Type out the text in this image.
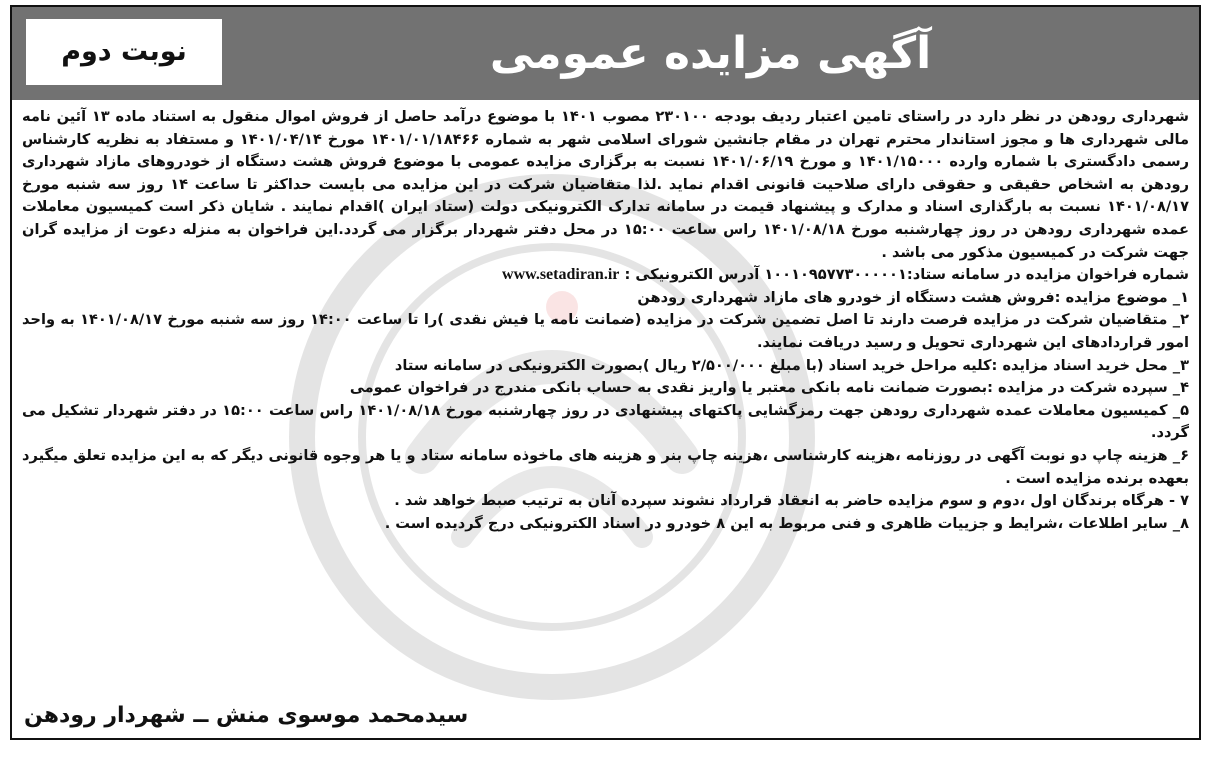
آگهی مزایده عمومی
نوبت دوم

شهرداری رودهن در نظر دارد در راستای تامین اعتبار ردیف بودجه ۲۳۰۱۰۰ مصوب ۱۴۰۱ با موضوع درآمد حاصل از فروش اموال منقول به استناد ماده ۱۳ آئین نامه مالی شهرداری ها و مجوز استاندار محترم تهران در مقام جانشین شورای اسلامی شهر به شماره ۱۴۰۱/۰۱/۱۸۴۶۶ مورخ ۱۴۰۱/۰۴/۱۴ و مستفاد به نظریه کارشناس رسمی دادگستری با شماره وارده ۱۴۰۱/۱۵۰۰۰ و مورخ ۱۴۰۱/۰۶/۱۹ نسبت به برگزاری مزایده عمومی با موضوع فروش هشت دستگاه از خودروهای مازاد شهرداری رودهن به اشخاص حقیقی و حقوقی دارای صلاحیت قانونی اقدام نماید .لذا متقاضیان شرکت در این مزایده می بایست حداکثر تا ساعت ۱۴ روز سه شنبه مورخ ۱۴۰۱/۰۸/۱۷ نسبت به بارگذاری اسناد و مدارک و پیشنهاد قیمت در سامانه تدارک الکترونیکی دولت (ستاد ایران )اقدام نمایند . شایان ذکر است کمیسیون معاملات عمده شهرداری رودهن در روز چهارشنبه مورخ ۱۴۰۱/۰۸/۱۸ راس ساعت ۱۵:۰۰ در محل دفتر شهردار برگزار می گردد.این فراخوان به منزله دعوت از مزایده گران جهت شرکت در کمیسیون مذکور می باشد .

شماره فراخوان مزایده در سامانه ستاد:۱۰۰۱۰۹۵۷۷۳۰۰۰۰۰۱ آدرس الکترونیکی : www.setadiran.ir

۱_ موضوع مزایده :فروش هشت دستگاه از خودرو های مازاد شهرداری رودهن

۲_ متقاضیان شرکت در مزایده فرصت دارند تا اصل تضمین شرکت در مزایده (ضمانت نامه یا فیش نقدی )را تا ساعت ۱۴:۰۰ روز سه شنبه مورخ ۱۴۰۱/۰۸/۱۷ به واحد امور قراردادهای این شهرداری تحویل و رسید دریافت نمایند.

۳_ محل خرید اسناد مزایده :کلیه مراحل خرید اسناد (با مبلغ ۲/۵۰۰/۰۰۰ ریال )بصورت الکترونیکی در سامانه ستاد

۴_ سپرده شرکت در مزایده :بصورت ضمانت نامه بانکی معتبر یا واریز نقدی به حساب بانکی مندرج در فراخوان عمومی

۵_ کمیسیون معاملات عمده شهرداری رودهن جهت رمزگشایی پاکتهای پیشنهادی در روز چهارشنبه مورخ ۱۴۰۱/۰۸/۱۸ راس ساعت ۱۵:۰۰ در دفتر شهردار تشکیل می گردد.

۶_ هزینه چاپ دو نوبت آگهی در روزنامه ،هزینه کارشناسی ،هزینه چاپ بنر و هزینه های ماخوذه سامانه ستاد و یا هر وجوه قانونی دیگر که به این مزایده تعلق میگیرد بعهده برنده مزایده است .

۷ - هرگاه برندگان اول ،دوم و سوم مزایده حاضر به انعقاد قرارداد نشوند سپرده آنان به ترتیب صبط خواهد شد .

۸_ سایر اطلاعات ،شرایط و جزییات ظاهری و فنی مربوط به این ۸ خودرو در اسناد الکترونیکی درج گردیده است .

سیدمحمد موسوی منش ــ شهردار رودهن
